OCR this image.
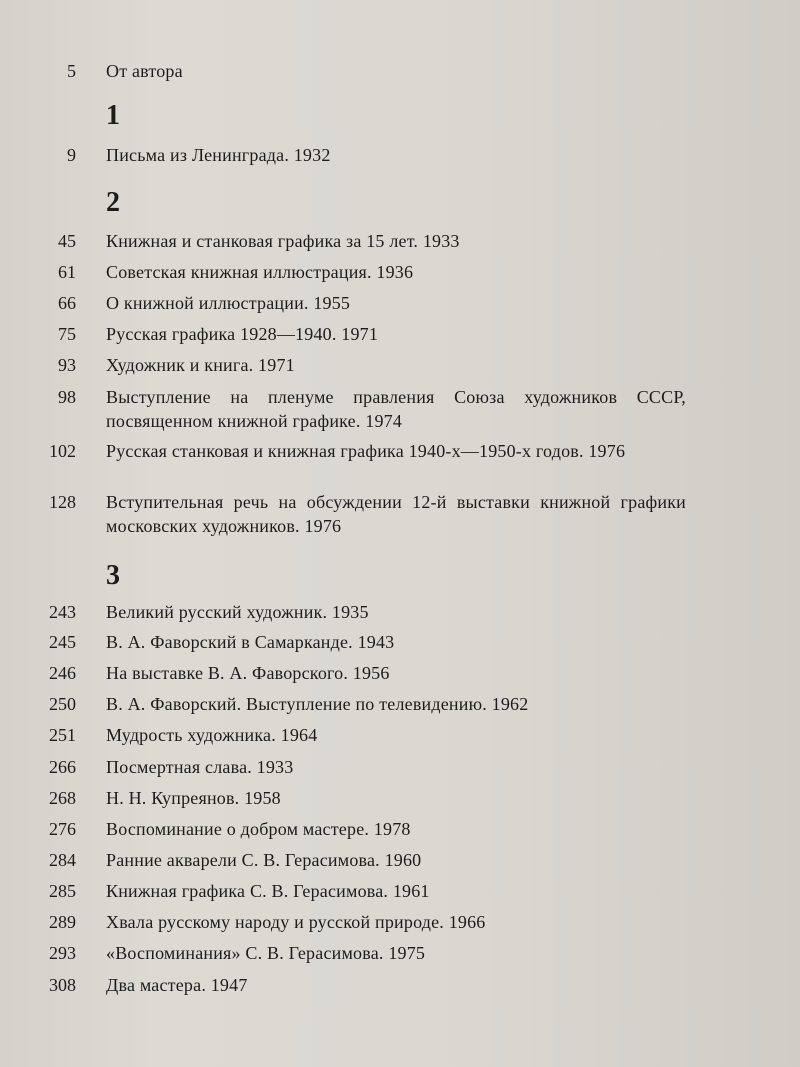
5 От автора
1
9 Письма из Ленинграда. 1932
2
45 Книжная и станковая графика за 15 лет. 1933
61 Советская книжная иллюстрация. 1936
66 О книжной иллюстрации. 1955
75 Русская графика 1928—1940. 1971
93 Художник и книга. 1971
98 Выступление на пленуме правления Союза художников СССР, посвященном книжной графике. 1974
102 Русская станковая и книжная графика 1940-х—1950-х годов. 1976
128 Вступительная речь на обсуждении 12-й выставки книжной графики московских художников. 1976
3
243 Великий русский художник. 1935
245 В. А. Фаворский в Самарканде. 1943
246 На выставке В. А. Фаворского. 1956
250 В. А. Фаворский. Выступление по телевидению. 1962
251 Мудрость художника. 1964
266 Посмертная слава. 1933
268 Н. Н. Купреянов. 1958
276 Воспоминание о добром мастере. 1978
284 Ранние акварели С. В. Герасимова. 1960
285 Книжная графика С. В. Герасимова. 1961
289 Хвала русскому народу и русской природе. 1966
293 «Воспоминания» С. В. Герасимова. 1975
308 Два мастера. 1947
